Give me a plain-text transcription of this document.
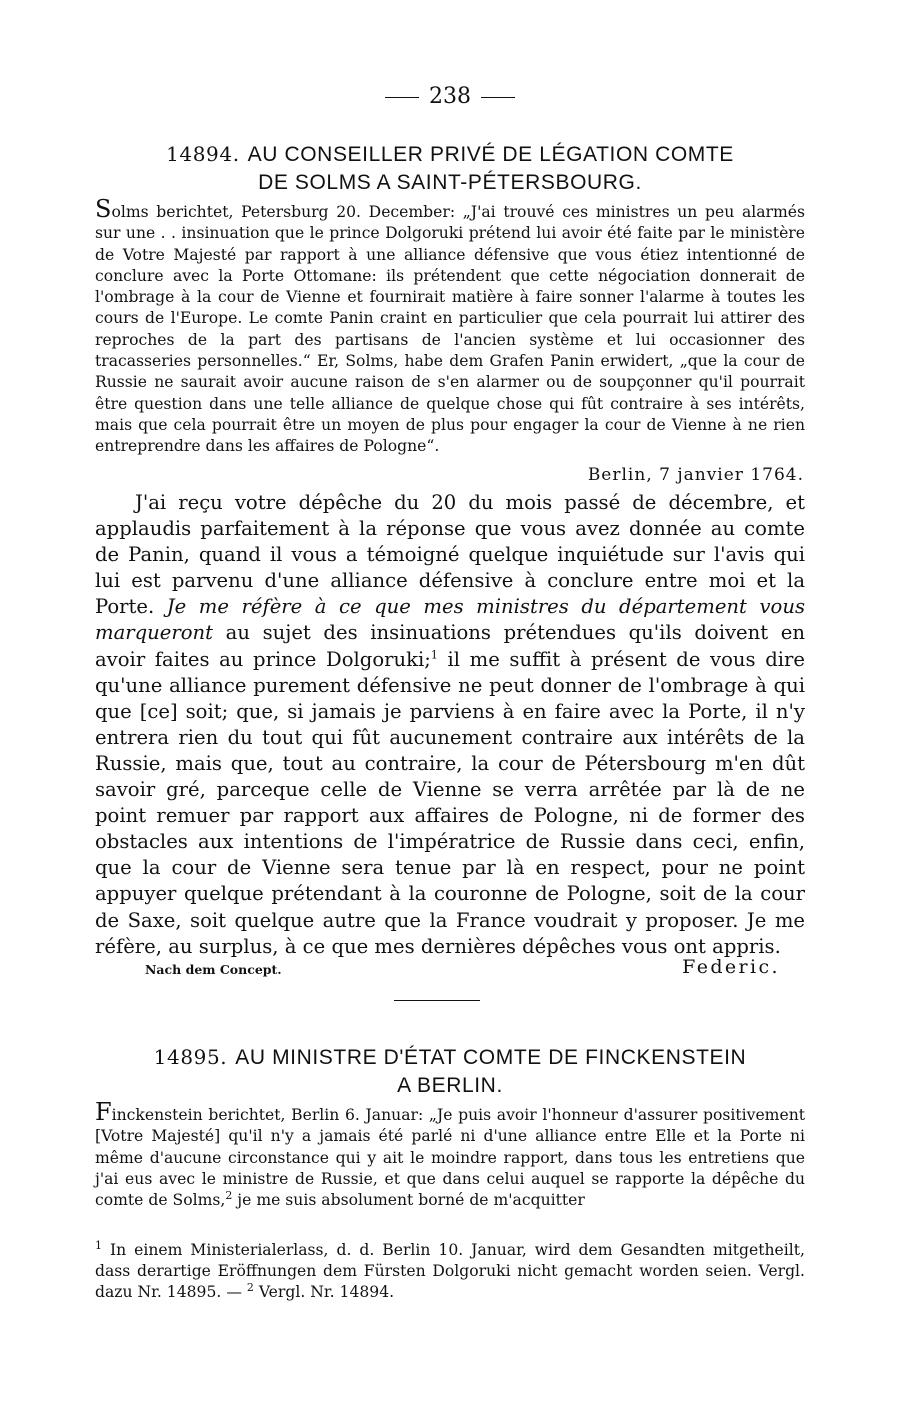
238
14894. AU CONSEILLER PRIVÉ DE LÉGATION COMTE
DE SOLMS A SAINT-PÉTERSBOURG.
Solms berichtet, Petersburg 20. December: „J'ai trouvé ces ministres un peu alarmés sur une . . insinuation que le prince Dolgoruki prétend lui avoir été faite par le ministère de Votre Majesté par rapport à une alliance défensive que vous étiez intentionné de conclure avec la Porte Ottomane: ils prétendent que cette négociation donnerait de l'ombrage à la cour de Vienne et fournirait matière à faire sonner l'alarme à toutes les cours de l'Europe. Le comte Panin craint en particulier que cela pourrait lui attirer des reproches de la part des partisans de l'ancien système et lui occasionner des tracasseries personnelles.“ Er, Solms, habe dem Grafen Panin erwidert, „que la cour de Russie ne saurait avoir aucune raison de s'en alarmer ou de soupçonner qu'il pourrait être question dans une telle alliance de quelque chose qui fût contraire à ses intérêts, mais que cela pourrait être un moyen de plus pour engager la cour de Vienne à ne rien entreprendre dans les affaires de Pologne“.
Berlin, 7 janvier 1764.
J'ai reçu votre dépêche du 20 du mois passé de décembre, et applaudis parfaitement à la réponse que vous avez donnée au comte de Panin, quand il vous a témoigné quelque inquiétude sur l'avis qui lui est parvenu d'une alliance défensive à conclure entre moi et la Porte. Je me réfère à ce que mes ministres du département vous marqueront au sujet des insinuations prétendues qu'ils doivent en avoir faites au prince Dolgoruki;$^1$ il me suffit à présent de vous dire qu'une alliance purement défensive ne peut donner de l'ombrage à qui que [ce] soit; que, si jamais je parviens à en faire avec la Porte, il n'y entrera rien du tout qui fût aucunement contraire aux intérêts de la Russie, mais que, tout au contraire, la cour de Pétersbourg m'en dût savoir gré, parceque celle de Vienne se verra arrêtée par là de ne point remuer par rapport aux affaires de Pologne, ni de former des obstacles aux intentions de l'impératrice de Russie dans ceci, enfin, que la cour de Vienne sera tenue par là en respect, pour ne point appuyer quelque prétendant à la couronne de Pologne, soit de la cour de Saxe, soit quelque autre que la France voudrait y proposer. Je me réfère, au surplus, à ce que mes dernières dépêches vous ont appris.
Nach dem Concept.	Federic.
14895. AU MINISTRE D'ÉTAT COMTE DE FINCKENSTEIN
A BERLIN.
Finckenstein berichtet, Berlin 6. Januar: „Je puis avoir l'honneur d'assurer positivement [Votre Majesté] qu'il n'y a jamais été parlé ni d'une alliance entre Elle et la Porte ni même d'aucune circonstance qui y ait le moindre rapport, dans tous les entretiens que j'ai eus avec le ministre de Russie, et que dans celui auquel se rapporte la dépêche du comte de Solms,$^2$ je me suis absolument borné de m'acquitter
$^1$ In einem Ministerialerlass, d. d. Berlin 10. Januar, wird dem Gesandten mitgetheilt, dass derartige Eröffnungen dem Fürsten Dolgoruki nicht gemacht worden seien. Vergl. dazu Nr. 14895. — $^2$ Vergl. Nr. 14894.
